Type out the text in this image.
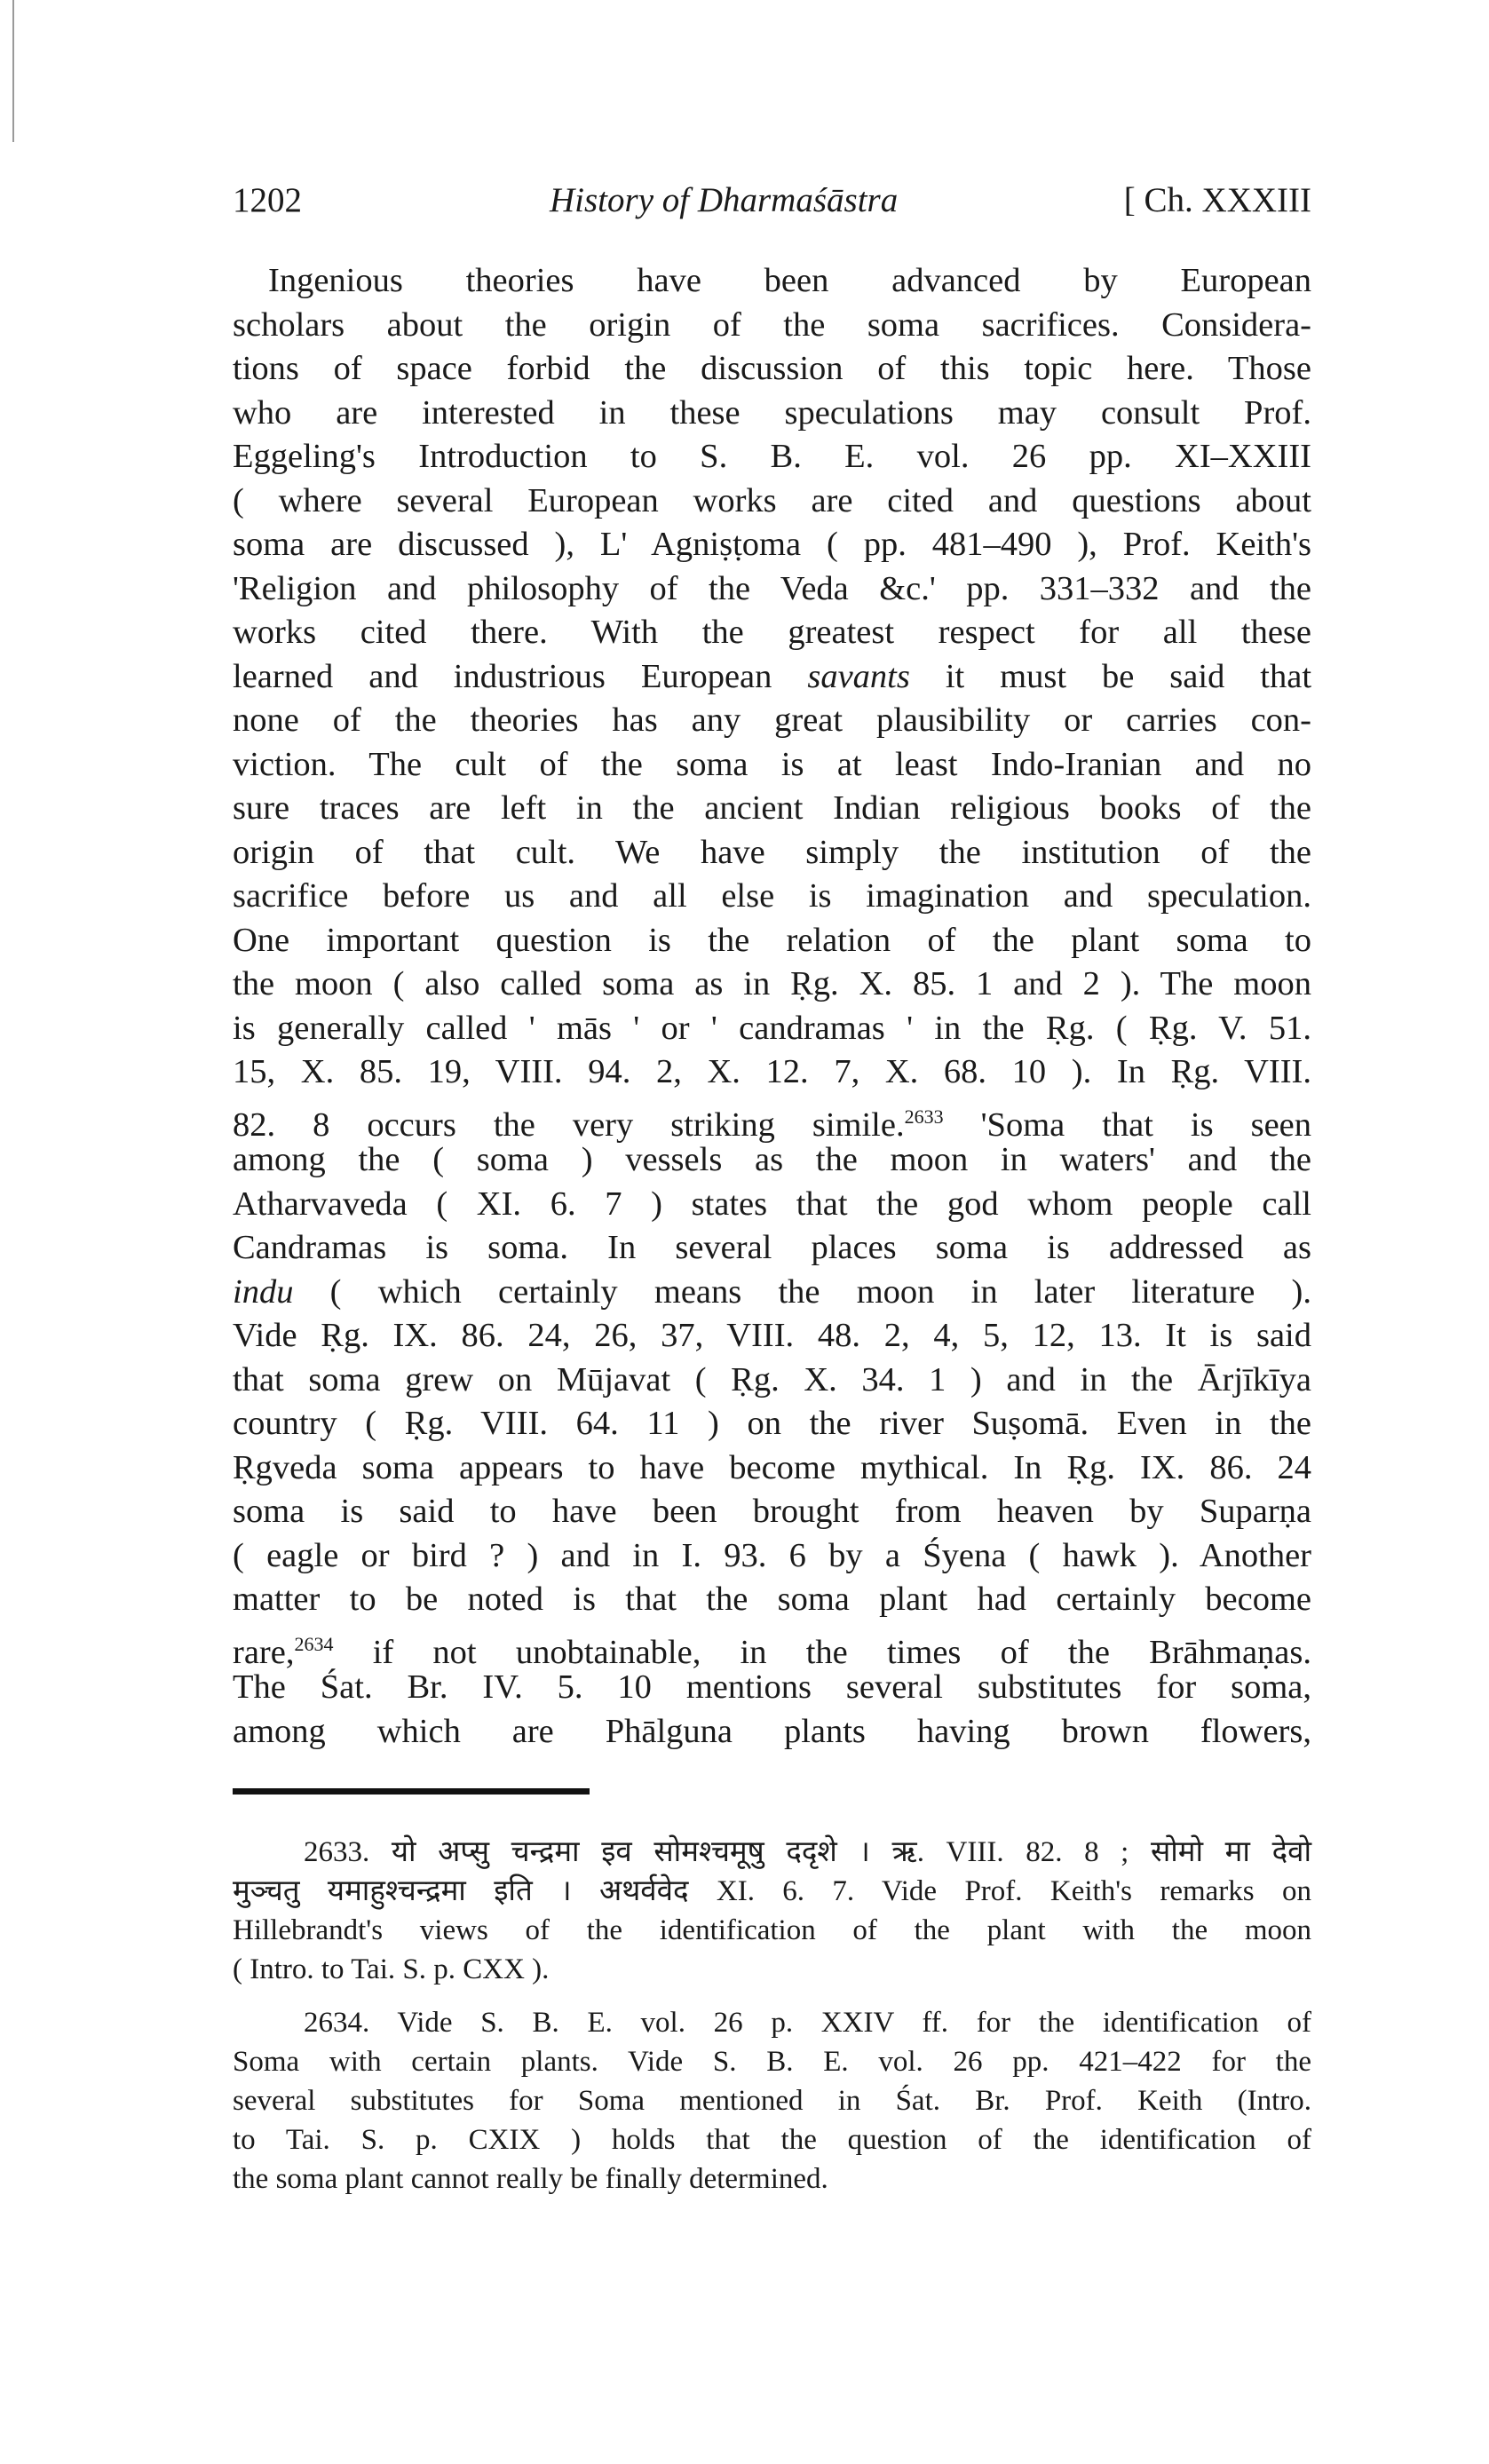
1202	History of Dharmaśāstra	[ Ch. XXXIII
Ingenious theories have been advanced by European
scholars about the origin of the soma sacrifices. Considera-
tions of space forbid the discussion of this topic here. Those
who are interested in these speculations may consult Prof.
Eggeling's Introduction to S. B. E. vol. 26 pp. XI–XXIII
( where several European works are cited and questions about
soma are discussed ), L' Agniṣṭoma ( pp. 481–490 ), Prof. Keith's
'Religion and philosophy of the Veda &c.' pp. 331–332 and the
works cited there. With the greatest respect for all these
learned and industrious European savants it must be said that
none of the theories has any great plausibility or carries con-
viction. The cult of the soma is at least Indo-Iranian and no
sure traces are left in the ancient Indian religious books of the
origin of that cult. We have simply the institution of the
sacrifice before us and all else is imagination and speculation.
One important question is the relation of the plant soma to
the moon ( also called soma as in Ṛg. X. 85. 1 and 2 ). The moon
is generally called ' mās ' or ' candramas ' in the Ṛg. ( Ṛg. V. 51.
15, X. 85. 19, VIII. 94. 2, X. 12. 7, X. 68. 10 ). In Ṛg. VIII.
82. 8 occurs the very striking simile.$^{2633}$ 'Soma that is seen
among the ( soma ) vessels as the moon in waters' and the
Atharvaveda ( XI. 6. 7 ) states that the god whom people call
Candramas is soma. In several places soma is addressed as
indu ( which certainly means the moon in later literature ).
Vide Ṛg. IX. 86. 24, 26, 37, VIII. 48. 2, 4, 5, 12, 13. It is said
that soma grew on Mūjavat ( Ṛg. X. 34. 1 ) and in the Ārjīkīya
country ( Ṛg. VIII. 64. 11 ) on the river Suṣomā. Even in the
Ṛgveda soma appears to have become mythical. In Ṛg. IX. 86. 24
soma is said to have been brought from heaven by Suparṇa
( eagle or bird ? ) and in I. 93. 6 by a Śyena ( hawk ). Another
matter to be noted is that the soma plant had certainly become
rare,$^{2634}$ if not unobtainable, in the times of the Brāhmaṇas.
The Śat. Br. IV. 5. 10 mentions several substitutes for soma,
among which are Phālguna plants having brown flowers,
2633. यो अप्सु चन्द्रमा इव सोमश्चमूषु ददृशे । ऋ. VIII. 82. 8 ; सोमो मा देवो
मुञ्चतु यमाहुश्चन्द्रमा इति । अथर्ववेद XI. 6. 7. Vide Prof. Keith's remarks on
Hillebrandt's views of the identification of the plant with the moon
( Intro. to Tai. S. p. CXX ).
2634. Vide S. B. E. vol. 26 p. XXIV ff. for the identification of
Soma with certain plants. Vide S. B. E. vol. 26 pp. 421–422 for the
several substitutes for Soma mentioned in Śat. Br. Prof. Keith (Intro.
to Tai. S. p. CXIX ) holds that the question of the identification of
the soma plant cannot really be finally determined.
